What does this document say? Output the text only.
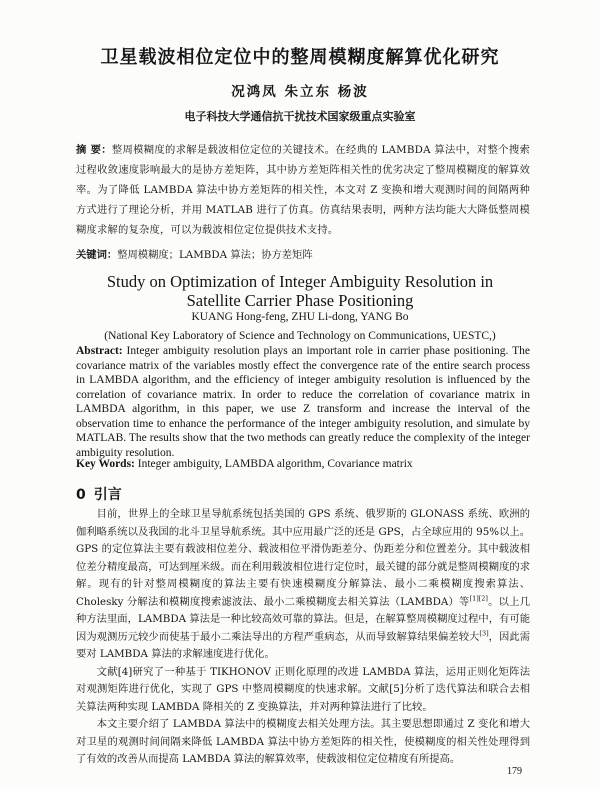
卫星载波相位定位中的整周模糊度解算优化研究
况鸿凤 朱立东 杨波
电子科技大学通信抗干扰技术国家级重点实验室
摘 要：整周模糊度的求解是载波相位定位的关键技术。在经典的 LAMBDA 算法中，对整个搜索过程收敛速度影响最大的是协方差矩阵，其中协方差矩阵相关性的优劣决定了整周模糊度的解算效率。为了降低 LAMBDA 算法中协方差矩阵的相关性，本文对 Z 变换和增大观测时间的间隔两种方式进行了理论分析，并用 MATLAB 进行了仿真。仿真结果表明，两种方法均能大大降低整周模糊度求解的复杂度，可以为载波相位定位提供技术支持。
关键词：整周模糊度；LAMBDA 算法；协方差矩阵
Study on Optimization of Integer Ambiguity Resolution in
Satellite Carrier Phase Positioning
KUANG Hong-feng, ZHU Li-dong, YANG Bo
(National Key Laboratory of Science and Technology on Communications, UESTC,)
Abstract: Integer ambiguity resolution plays an important role in carrier phase positioning. The covariance matrix of the variables mostly effect the convergence rate of the entire search process in LAMBDA algorithm, and the efficiency of integer ambiguity resolution is influenced by the correlation of covariance matrix. In order to reduce the correlation of covariance matrix in LAMBDA algorithm, in this paper, we use Z transform and increase the interval of the observation time to enhance the performance of the integer ambiguity resolution, and simulate by MATLAB. The results show that the two methods can greatly reduce the complexity of the integer ambiguity resolution.
Key Words: Integer ambiguity, LAMBDA algorithm, Covariance matrix
0 引言

目前，世界上的全球卫星导航系统包括美国的 GPS 系统、俄罗斯的 GLONASS 系统、欧洲的伽利略系统以及我国的北斗卫星导航系统。其中应用最广泛的还是 GPS，占全球应用的 95%以上。GPS 的定位算法主要有载波相位差分、载波相位平滑伪距差分、伪距差分和位置差分。其中载波相位差分精度最高，可达到厘米级。而在利用载波相位进行定位时，最关键的部分就是整周模糊度的求解。现有的针对整周模糊度的算法主要有快速模糊度分解算法、最小二乘模糊度搜索算法、Cholesky 分解法和模糊度搜索滤波法、最小二乘模糊度去相关算法（LAMBDA）等[1][2]。以上几种方法里面，LAMBDA 算法是一种比较高效可靠的算法。但是，在解算整周模糊度过程中，有可能因为观测历元较少而使基于最小二乘法导出的方程严重病态，从而导致解算结果偏差较大[3]，因此需要对 LAMBDA 算法的求解速度进行优化。

文献[4]研究了一种基于 TIKHONOV 正则化原理的改进 LAMBDA 算法，运用正则化矩阵法对观测矩阵进行优化，实现了 GPS 中整周模糊度的快速求解。文献[5]分析了迭代算法和联合去相关算法两种实现 LAMBDA 降相关的 Z 变换算法，并对两种算法进行了比较。

本文主要介绍了 LAMBDA 算法中的模糊度去相关处理方法。其主要思想即通过 Z 变化和增大对卫星的观测时间间隔来降低 LAMBDA 算法中协方差矩阵的相关性，使模糊度的相关性处理得到了有效的改善从而提高 LAMBDA 算法的解算效率，使载波相位定位精度有所提高。

179
